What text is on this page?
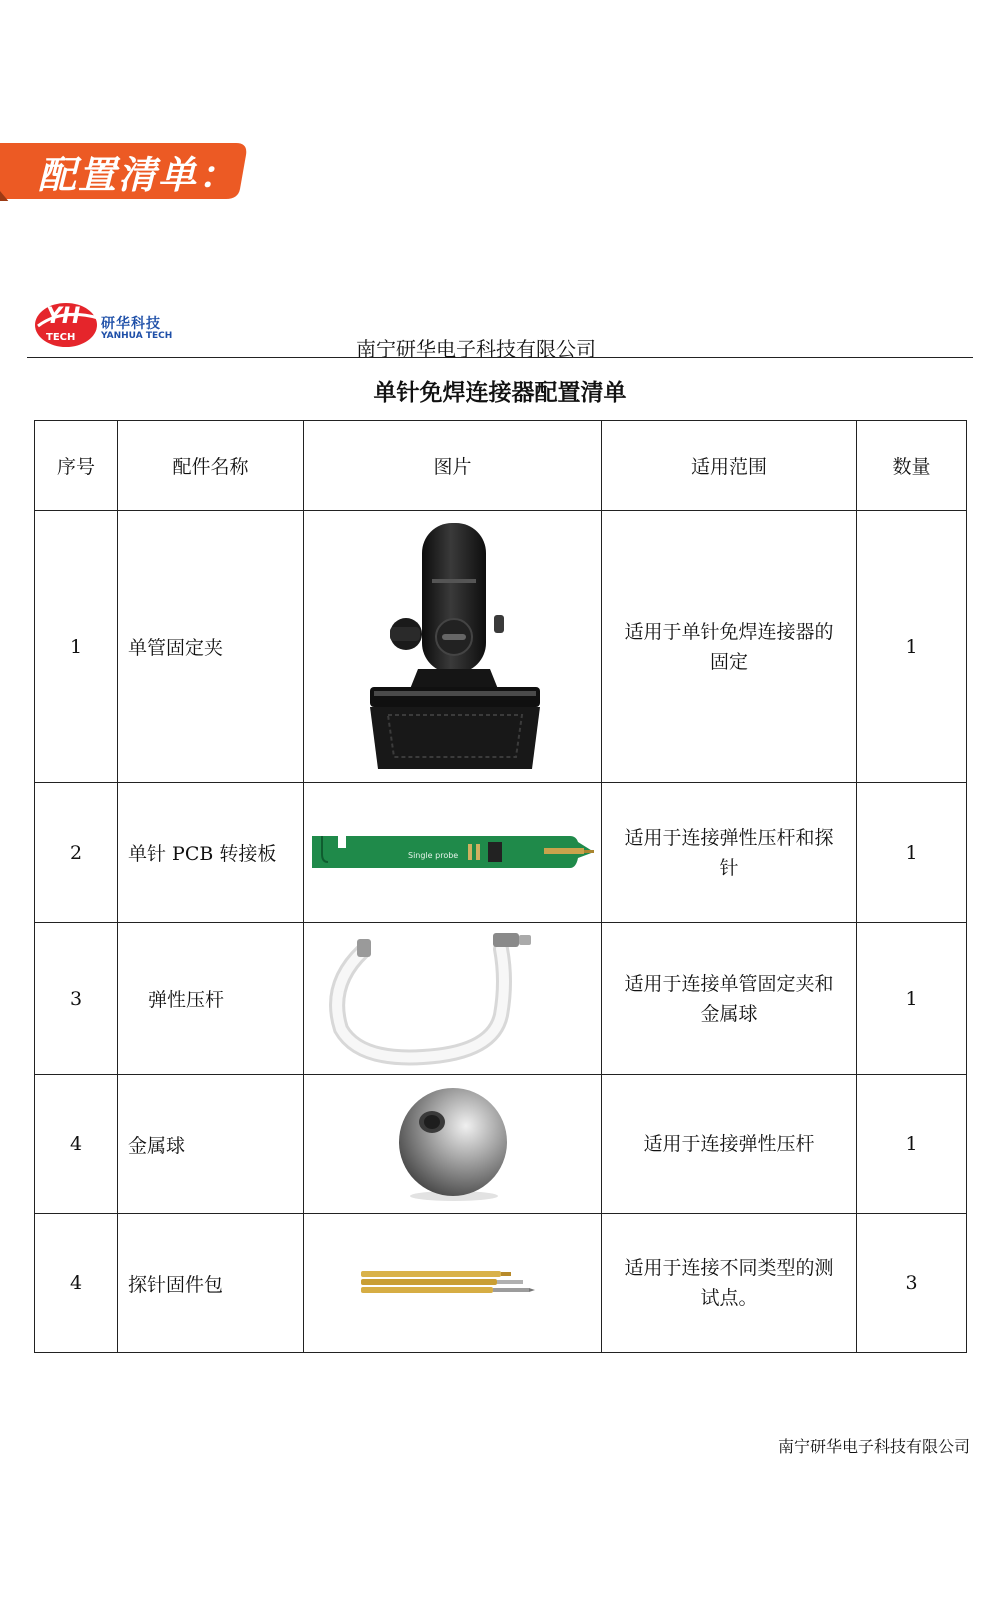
配置清单：
YH
TECH
研华科技
YANHUA TECH
南宁研华电子科技有限公司
单针免焊连接器配置清单
序号	配件名称	图片	适用范围	数量
1	单管固定夹		适用于单针免焊连接器的固定	1
2	单针 PCB 转接板	Single probe	适用于连接弹性压杆和探针	1
3	弹性压杆		适用于连接单管固定夹和金属球	1
4	金属球		适用于连接弹性压杆	1
4	探针固件包		适用于连接不同类型的测试点。	3
南宁研华电子科技有限公司
